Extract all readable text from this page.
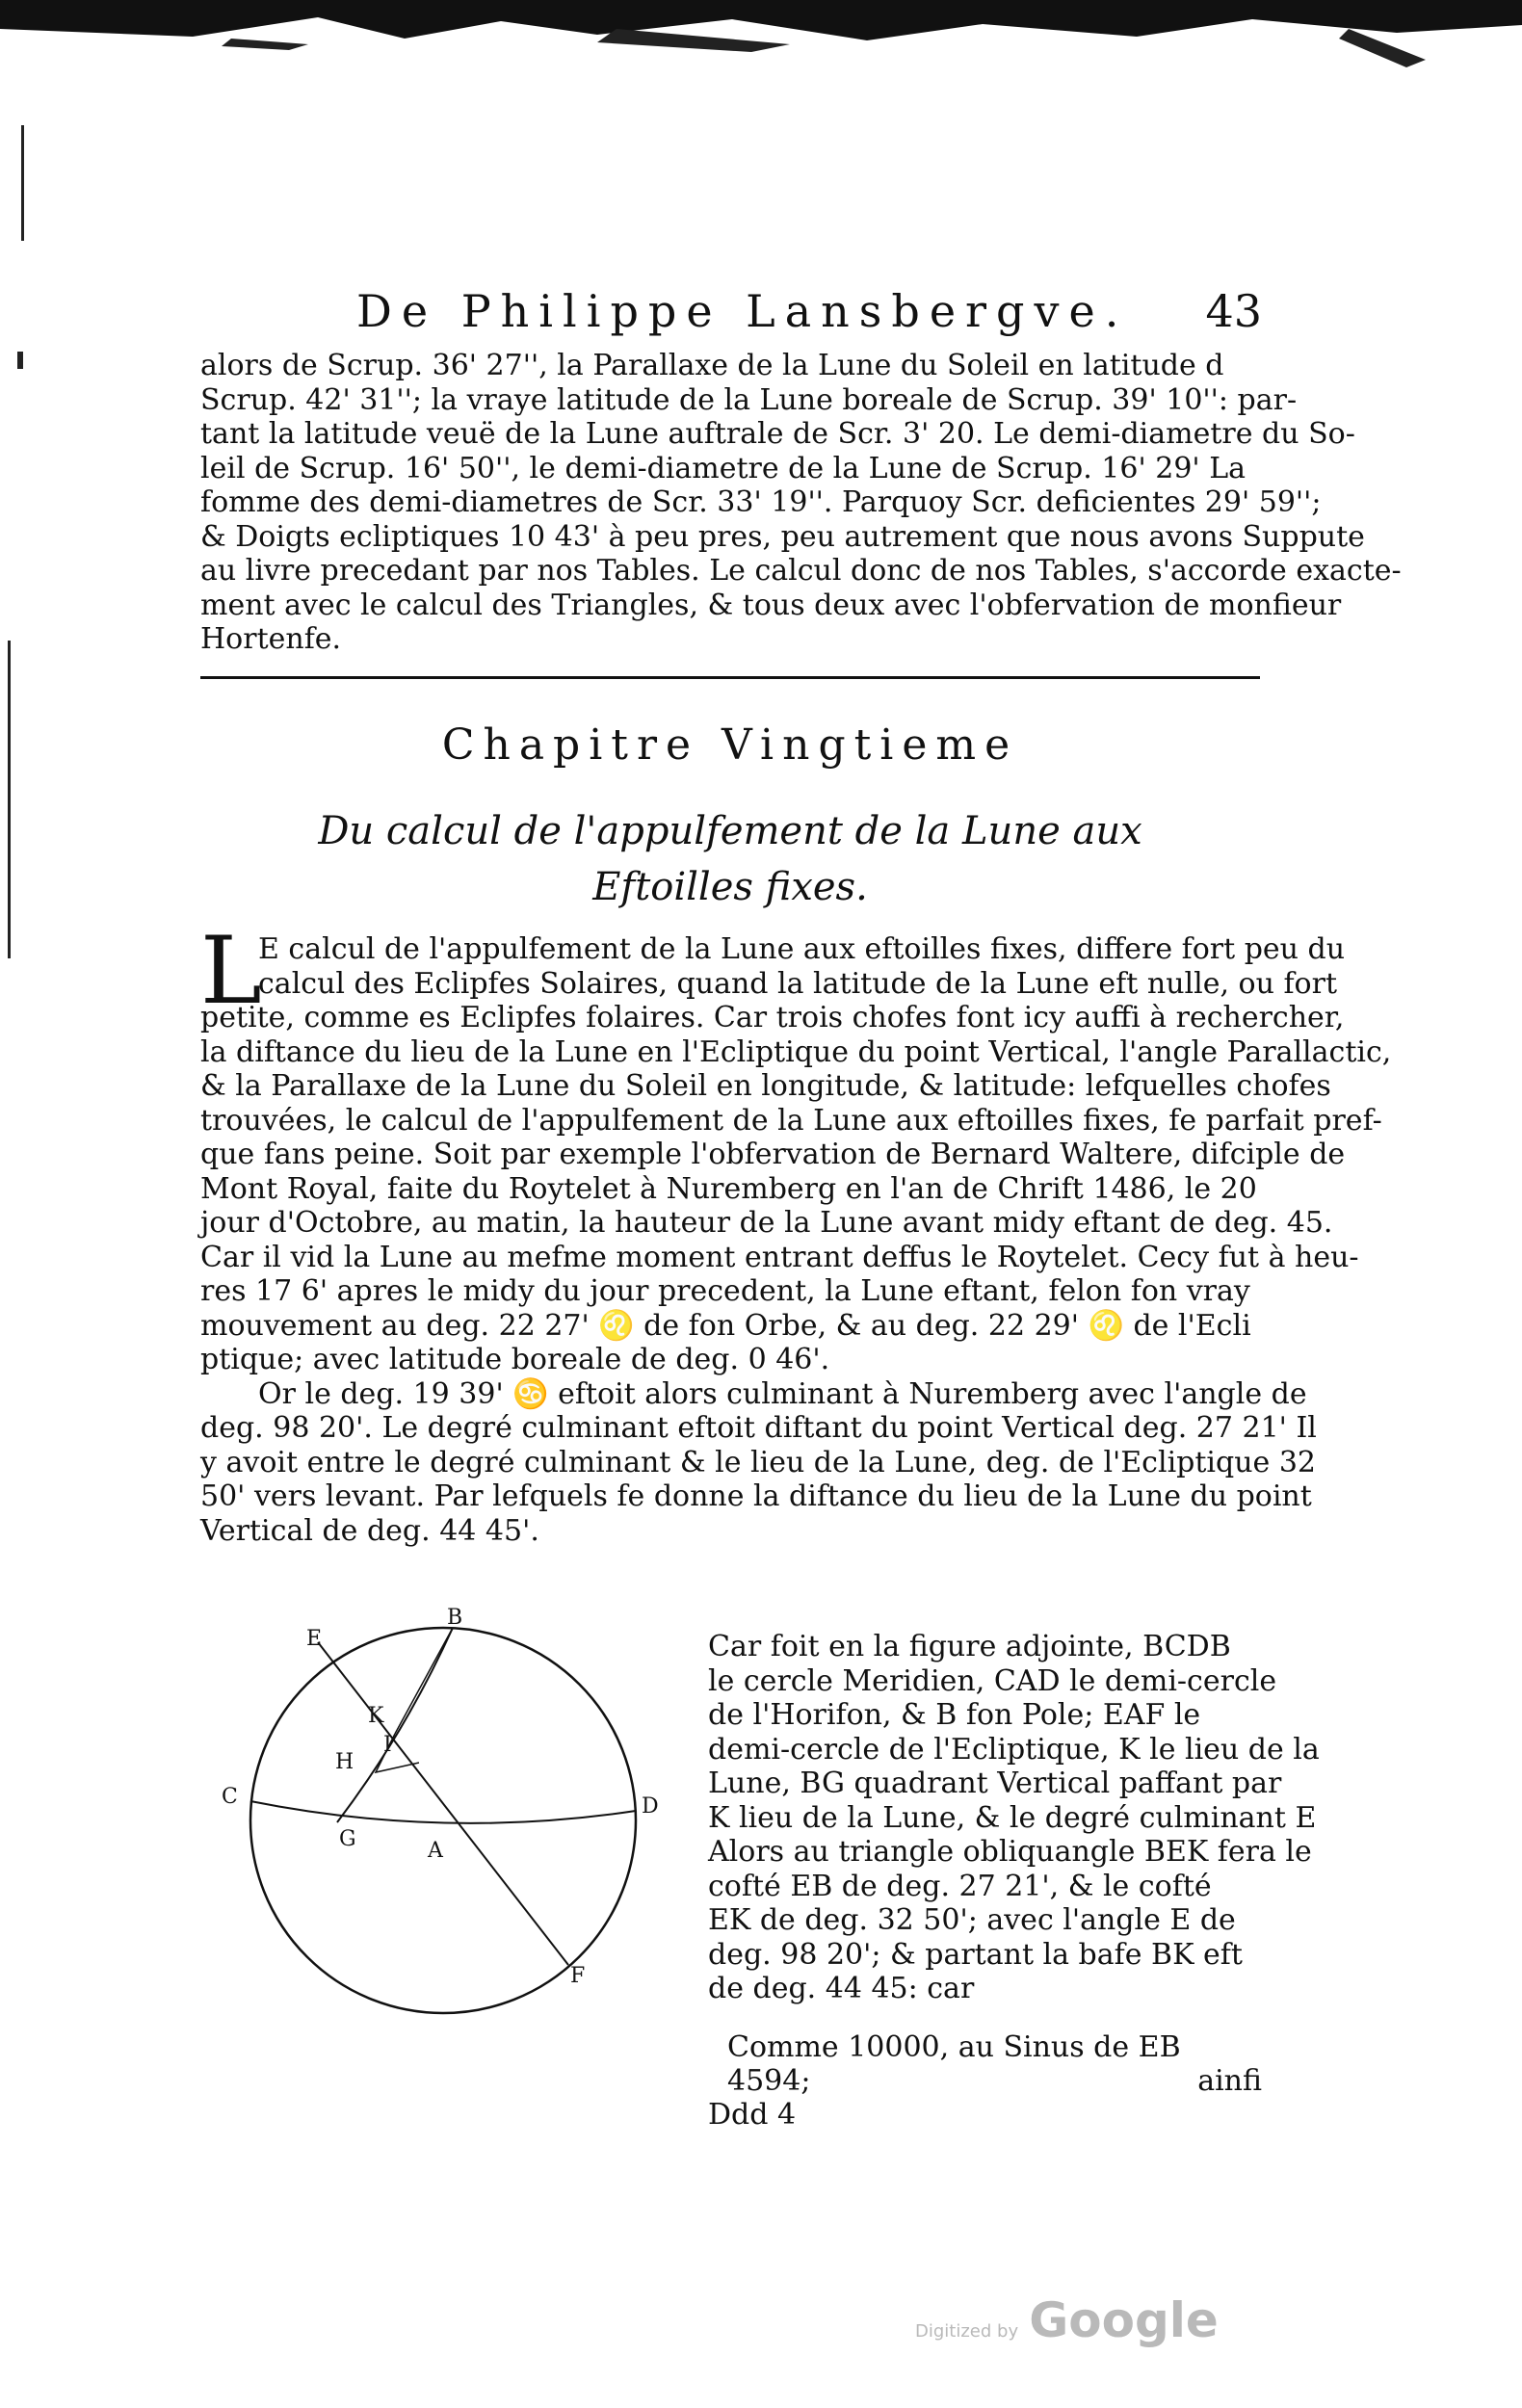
De Philippe Lansbergve. 43
alors de Scrup. 36' 27'', la Parallaxe de la Lune du Soleil en latitude d
Scrup. 42' 31''; la vraye latitude de la Lune boreale de Scrup. 39' 10'': par-
tant la latitude veuë de la Lune auftrale de Scr. 3' 20. Le demi-diametre du So-
leil de Scrup. 16' 50'', le demi-diametre de la Lune de Scrup. 16' 29' La
fomme des demi-diametres de Scr. 33' 19''. Parquoy Scr. deficientes 29' 59'';
& Doigts ecliptiques 10 43' à peu pres, peu autrement que nous avons Suppute
au livre precedant par nos Tables. Le calcul donc de nos Tables, s'accorde exacte-
ment avec le calcul des Triangles, & tous deux avec l'obfervation de monfieur
Hortenfe.
Chapitre Vingtieme
Du calcul de l'appulfement de la Lune aux
Eftoilles fixes.
L
E calcul de l'appulfement de la Lune aux eftoilles fixes, differe fort peu du
calcul des Eclipfes Solaires, quand la latitude de la Lune eft nulle, ou fort
petite, comme es Eclipfes folaires. Car trois chofes font icy auffi à rechercher,
la diftance du lieu de la Lune en l'Ecliptique du point Vertical, l'angle Parallactic,
& la Parallaxe de la Lune du Soleil en longitude, & latitude: lefquelles chofes
trouvées, le calcul de l'appulfement de la Lune aux eftoilles fixes, fe parfait pref-
que fans peine. Soit par exemple l'obfervation de Bernard Waltere, difciple de
Mont Royal, faite du Roytelet à Nuremberg en l'an de Chrift 1486, le 20
jour d'Octobre, au matin, la hauteur de la Lune avant midy eftant de deg. 45.
Car il vid la Lune au mefme moment entrant deffus le Roytelet. Cecy fut à heu-
res 17 6' apres le midy du jour precedent, la Lune eftant, felon fon vray
mouvement au deg. 22 27' ♌ de fon Orbe, & au deg. 22 29' ♌ de l'Ecli
ptique; avec latitude boreale de deg. 0 46'.
Or le deg. 19 39' ♋ eftoit alors culminant à Nuremberg avec l'angle de
deg. 98 20'. Le degré culminant eftoit diftant du point Vertical deg. 27 21' Il
y avoit entre le degré culminant & le lieu de la Lune, deg. de l'Ecliptique 32
50' vers levant. Par lefquels fe donne la diftance du lieu de la Lune du point
Vertical de deg. 44 45'.
B
E
K
I
H
C	D
G	A
F
Car foit en la figure adjointe, BCDB
le cercle Meridien, CAD le demi-cercle
de l'Horifon, & B fon Pole; EAF le
demi-cercle de l'Ecliptique, K le lieu de la
Lune, BG quadrant Vertical paffant par
K lieu de la Lune, & le degré culminant E
Alors au triangle obliquangle BEK fera le
cofté EB de deg. 27 21', & le cofté
EK de deg. 32 50'; avec l'angle E de
deg. 98 20'; & partant la bafe BK eft
de deg. 44 45: car
Comme 10000, au Sinus de EB 4594;
Ddd 4
ainfi
Digitized by Google
